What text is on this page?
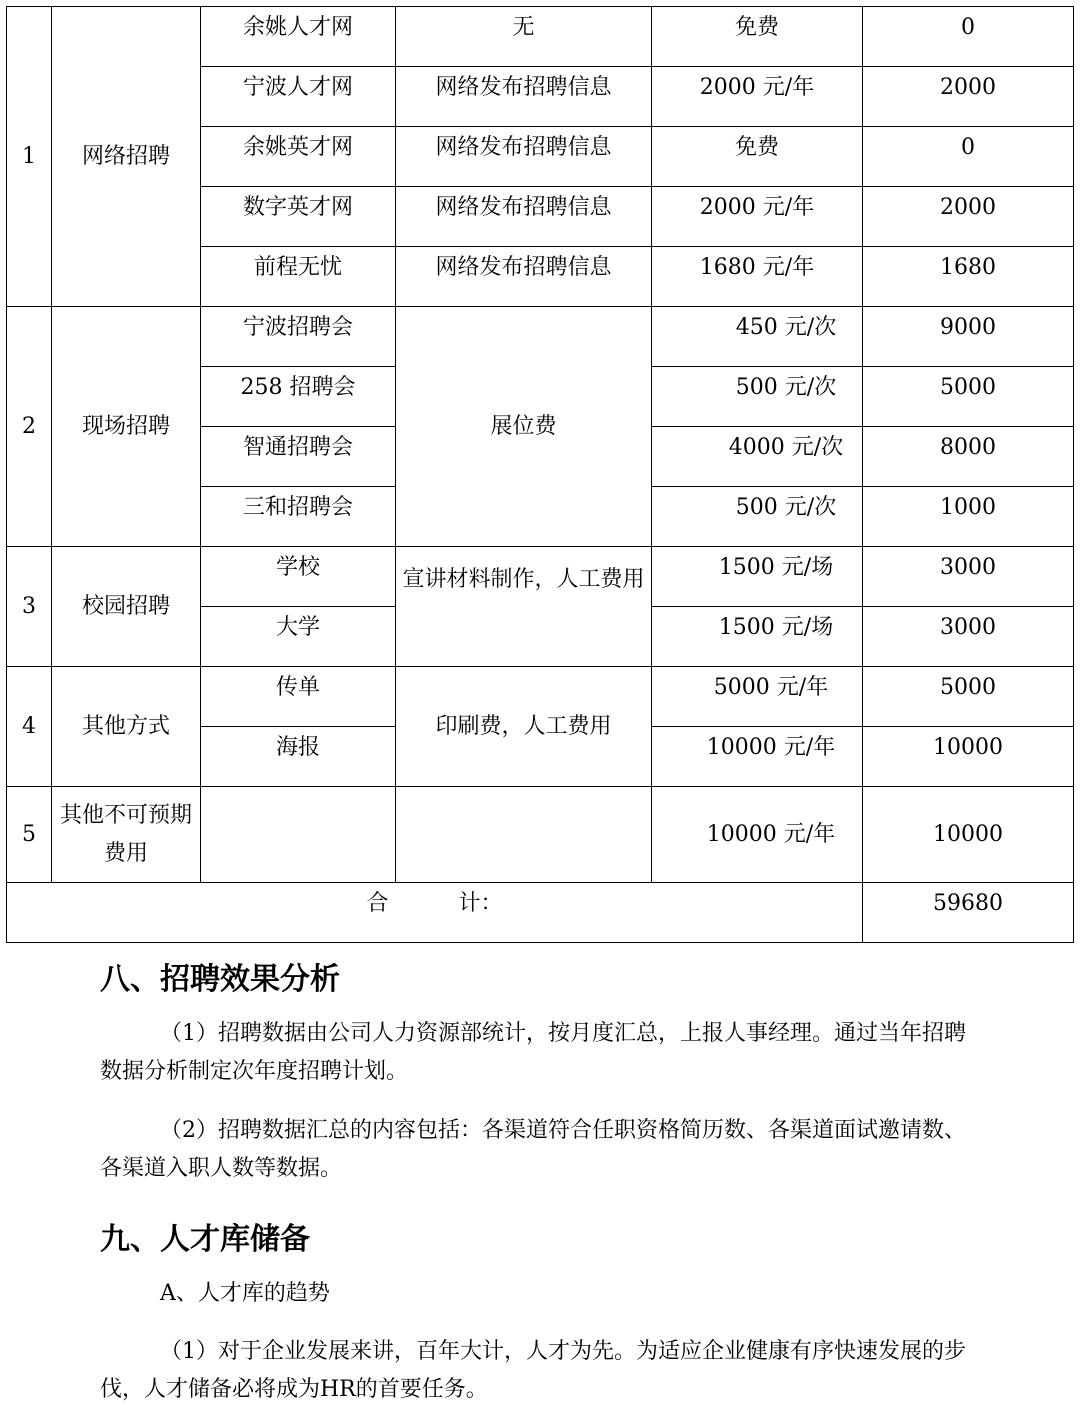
1	网络招聘	余姚人才网	无	免费	0
		宁波人才网	网络发布招聘信息	2000 元/年	2000
		余姚英才网	网络发布招聘信息	免费	0
		数字英才网	网络发布招聘信息	2000 元/年	2000
		前程无忧	网络发布招聘信息	1680 元/年	1680
2	现场招聘	宁波招聘会	展位费	450 元/次	9000
		258 招聘会		500 元/次	5000
		智通招聘会		4000 元/次	8000
		三和招聘会		500 元/次	1000
3	校园招聘	学校	宣讲材料制作，人工费用	1500 元/场	3000
		大学		1500 元/场	3000
4	其他方式	传单	印刷费，人工费用	5000 元/年	5000
		海报		10000 元/年	10000
5	其他不可预期费用			10000 元/年	10000
合 计：					59680
八、招聘效果分析

（1）招聘数据由公司人力资源部统计，按月度汇总，上报人事经理。通过当年招聘数据分析制定次年度招聘计划。

（2）招聘数据汇总的内容包括：各渠道符合任职资格简历数、各渠道面试邀请数、各渠道入职人数等数据。

九、人才库储备

A、人才库的趋势

（1）对于企业发展来讲，百年大计，人才为先。为适应企业健康有序快速发展的步伐，人才储备必将成为HR的首要任务。
